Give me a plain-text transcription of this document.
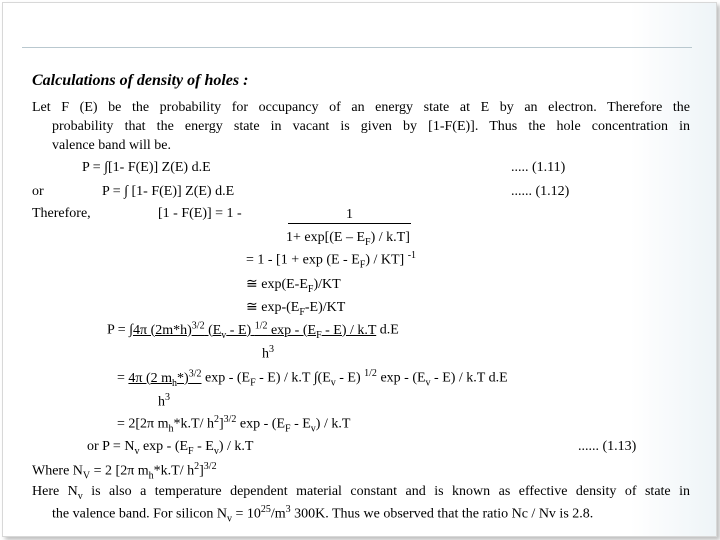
Calculations of density of holes :
Let F (E) be the probability for occupancy of an energy state at E by an electron. Therefore the
probability that the energy state in vacant is given by [1-F(E)]. Thus the hole concentration in
valence band will be.
P = ∫[1- F(E)] Z(E) d.E	..... (1.11)
or	P = ∫ [1- F(E)] Z(E) d.E	...... (1.12)
Therefore,	[1 - F(E)] = 1 -	1
$1+ \exp[(E - E_F) / k.T]$
= $1 - [1 + \exp (E - E_F) / KT]$ $^{-1}$
≅ $\exp(E-E_F)/KT$
≅ $\exp-(E_F-E)/KT$
P = ∫4π $(2m*h)^{3/2}$ $(E_v - E)$ $^{1/2}$ exp - $(E_F - E) / k.T$ d.E
$h^3$
= 4π (2 $m_h*)^{3/2}$ exp - $(E_F - E) / k.T$ $\int(E_v - E)$ $^{1/2}$ exp - $(E_v - E) / k.T$ d.E
$h^3$
= 2[2π $m_h*k.T/$ $h^2]^{3/2}$ exp - $(E_F - E_v) / k.T$
or $P = N_v$ exp - $(E_F - E_v) / k.T$	...... (1.13)
Where $N_V = 2$ [2π $m_h*k.T/$ $h^2]^{3/2}$
Here $N_v$ is also a temperature dependent material constant and is known as effective density of state in
the valence band. For silicon $N_v = 10^{25}/m^3$ 300K. Thus we observed that the ratio Nc / Nv is 2.8.
